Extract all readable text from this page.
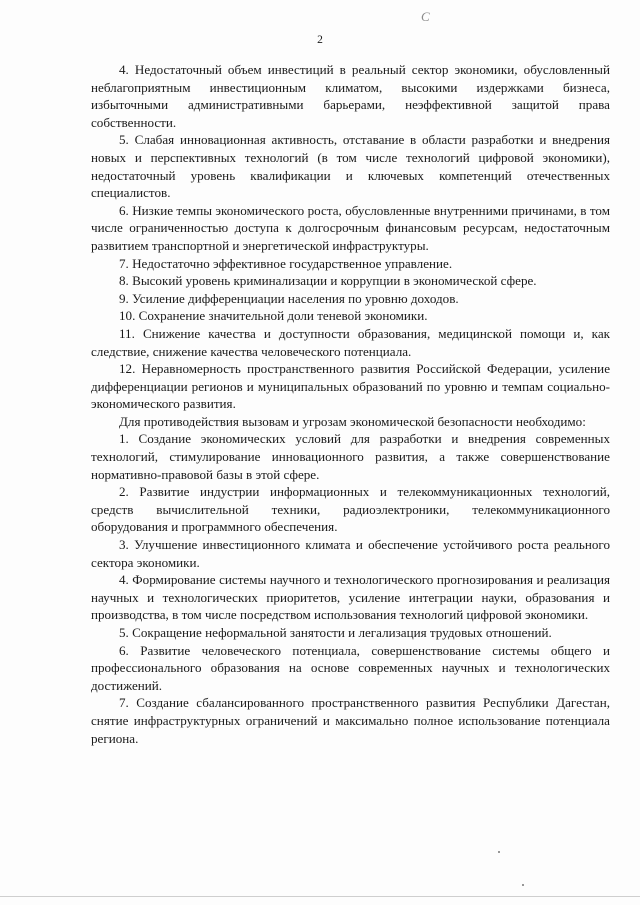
C
2

4. Недостаточный объем инвестиций в реальный сектор экономики, обусловленный неблагоприятным инвестиционным климатом, высокими издержками бизнеса, избыточными административными барьерами, неэффективной защитой права собственности.

5. Слабая инновационная активность, отставание в области разработки и внедрения новых и перспективных технологий (в том числе технологий цифровой экономики), недостаточный уровень квалификации и ключевых компетенций отечественных специалистов.

6. Низкие темпы экономического роста, обусловленные внутренними причинами, в том числе ограниченностью доступа к долгосрочным финансовым ресурсам, недостаточным развитием транспортной и энергетической инфраструктуры.

7. Недостаточно эффективное государственное управление.

8. Высокий уровень криминализации и коррупции в экономической сфере.

9. Усиление дифференциации населения по уровню доходов.

10. Сохранение значительной доли теневой экономики.

11. Снижение качества и доступности образования, медицинской помощи и, как следствие, снижение качества человеческого потенциала.

12. Неравномерность пространственного развития Российской Федерации, усиление дифференциации регионов и муниципальных образований по уровню и темпам социально-экономического развития.

Для противодействия вызовам и угрозам экономической безопасности необходимо:

1. Создание экономических условий для разработки и внедрения современных технологий, стимулирование инновационного развития, а также совершенствование нормативно-правовой базы в этой сфере.

2. Развитие индустрии информационных и телекоммуникационных технологий, средств вычислительной техники, радиоэлектроники, телекоммуникационного оборудования и программного обеспечения.

3. Улучшение инвестиционного климата и обеспечение устойчивого роста реального сектора экономики.

4. Формирование системы научного и технологического прогнозирования и реализация научных и технологических приоритетов, усиление интеграции науки, образования и производства, в том числе посредством использования технологий цифровой экономики.

5. Сокращение неформальной занятости и легализация трудовых отношений.

6. Развитие человеческого потенциала, совершенствование системы общего и профессионального образования на основе современных научных и технологических достижений.

7. Создание сбалансированного пространственного развития Республики Дагестан, снятие инфраструктурных ограничений и максимально полное использование потенциала региона.
